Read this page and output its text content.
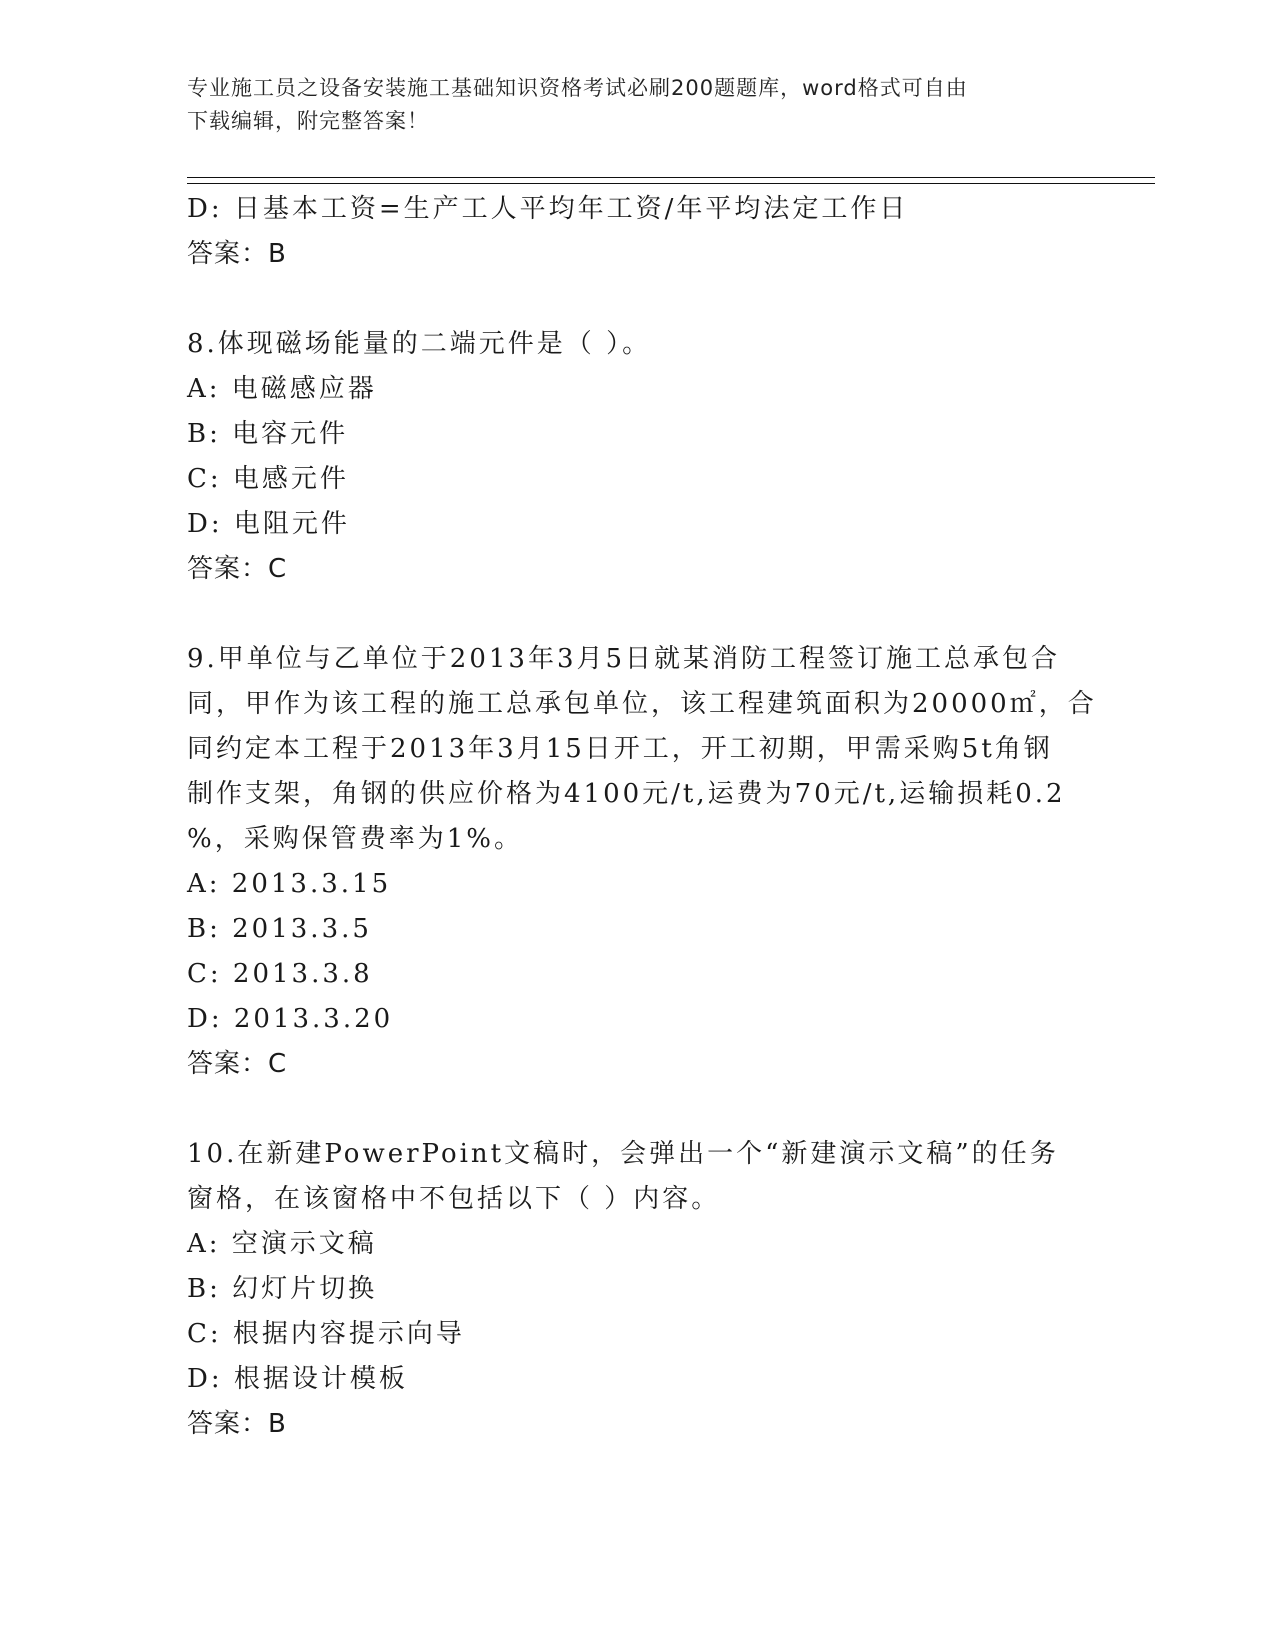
专业施工员之设备安装施工基础知识资格考试必刷200题题库，word格式可自由
下载编辑，附完整答案！
D: 日基本工资=生产工人平均年工资/年平均法定工作日
答案：B
8.体现磁场能量的二端元件是（ ）。
A: 电磁感应器
B: 电容元件
C: 电感元件
D: 电阻元件
答案：C
9.甲单位与乙单位于2013年3月5日就某消防工程签订施工总承包合
同，甲作为该工程的施工总承包单位，该工程建筑面积为20000㎡，合
同约定本工程于2013年3月15日开工，开工初期，甲需采购5t角钢
制作支架，角钢的供应价格为4100元/t,运费为70元/t,运输损耗0.2
%，采购保管费率为1%。
A: 2013.3.15
B: 2013.3.5
C: 2013.3.8
D: 2013.3.20
答案：C
10.在新建PowerPoint文稿时，会弹出一个“新建演示文稿”的任务
窗格，在该窗格中不包括以下（ ）内容。
A: 空演示文稿
B: 幻灯片切换
C: 根据内容提示向导
D: 根据设计模板
答案：B
